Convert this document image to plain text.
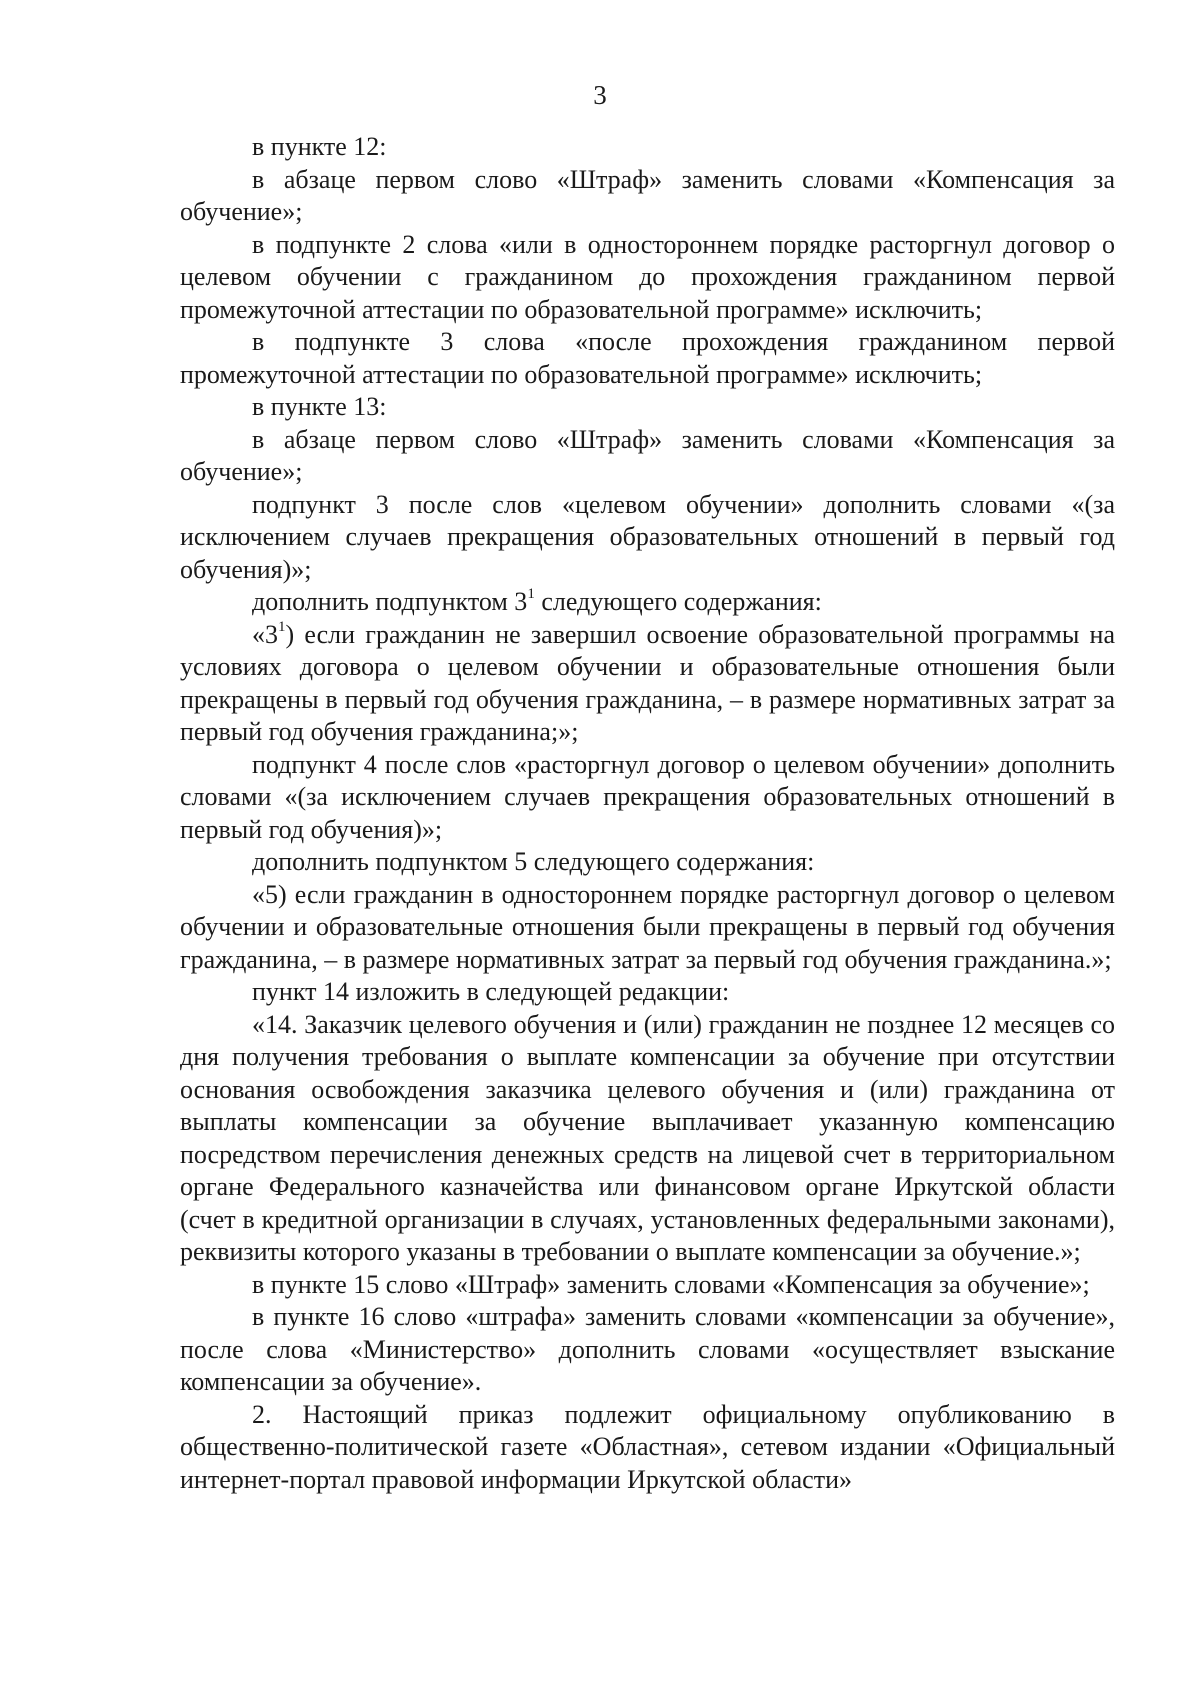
3

в пункте 12:

в абзаце первом слово «Штраф» заменить словами «Компенсация за обучение»;

в подпункте 2 слова «или в одностороннем порядке расторгнул договор о целевом обучении с гражданином до прохождения гражданином первой промежуточной аттестации по образовательной программе» исключить;

в подпункте 3 слова «после прохождения гражданином первой промежуточной аттестации по образовательной программе» исключить;

в пункте 13:

в абзаце первом слово «Штраф» заменить словами «Компенсация за обучение»;

подпункт 3 после слов «целевом обучении» дополнить словами «(за исключением случаев прекращения образовательных отношений в первый год обучения)»;

дополнить подпунктом $3^1$ следующего содержания:

«$3^1$) если гражданин не завершил освоение образовательной программы на условиях договора о целевом обучении и образовательные отношения были прекращены в первый год обучения гражданина, – в размере нормативных затрат за первый год обучения гражданина;»;

подпункт 4 после слов «расторгнул договор о целевом обучении» дополнить словами «(за исключением случаев прекращения образовательных отношений в первый год обучения)»;

дополнить подпунктом 5 следующего содержания:

«5) если гражданин в одностороннем порядке расторгнул договор о целевом обучении и образовательные отношения были прекращены в первый год обучения гражданина, – в размере нормативных затрат за первый год обучения гражданина.»;

пункт 14 изложить в следующей редакции:

«14. Заказчик целевого обучения и (или) гражданин не позднее 12 месяцев со дня получения требования о выплате компенсации за обучение при отсутствии основания освобождения заказчика целевого обучения и (или) гражданина от выплаты компенсации за обучение выплачивает указанную компенсацию посредством перечисления денежных средств на лицевой счет в территориальном органе Федерального казначейства или финансовом органе Иркутской области (счет в кредитной организации в случаях, установленных федеральными законами), реквизиты которого указаны в требовании о выплате компенсации за обучение.»;

в пункте 15 слово «Штраф» заменить словами «Компенсация за обучение»;

в пункте 16 слово «штрафа» заменить словами «компенсации за обучение», после слова «Министерство» дополнить словами «осуществляет взыскание компенсации за обучение».

2. Настоящий приказ подлежит официальному опубликованию в общественно-политической газете «Областная», сетевом издании «Официальный интернет-портал правовой информации Иркутской области»
